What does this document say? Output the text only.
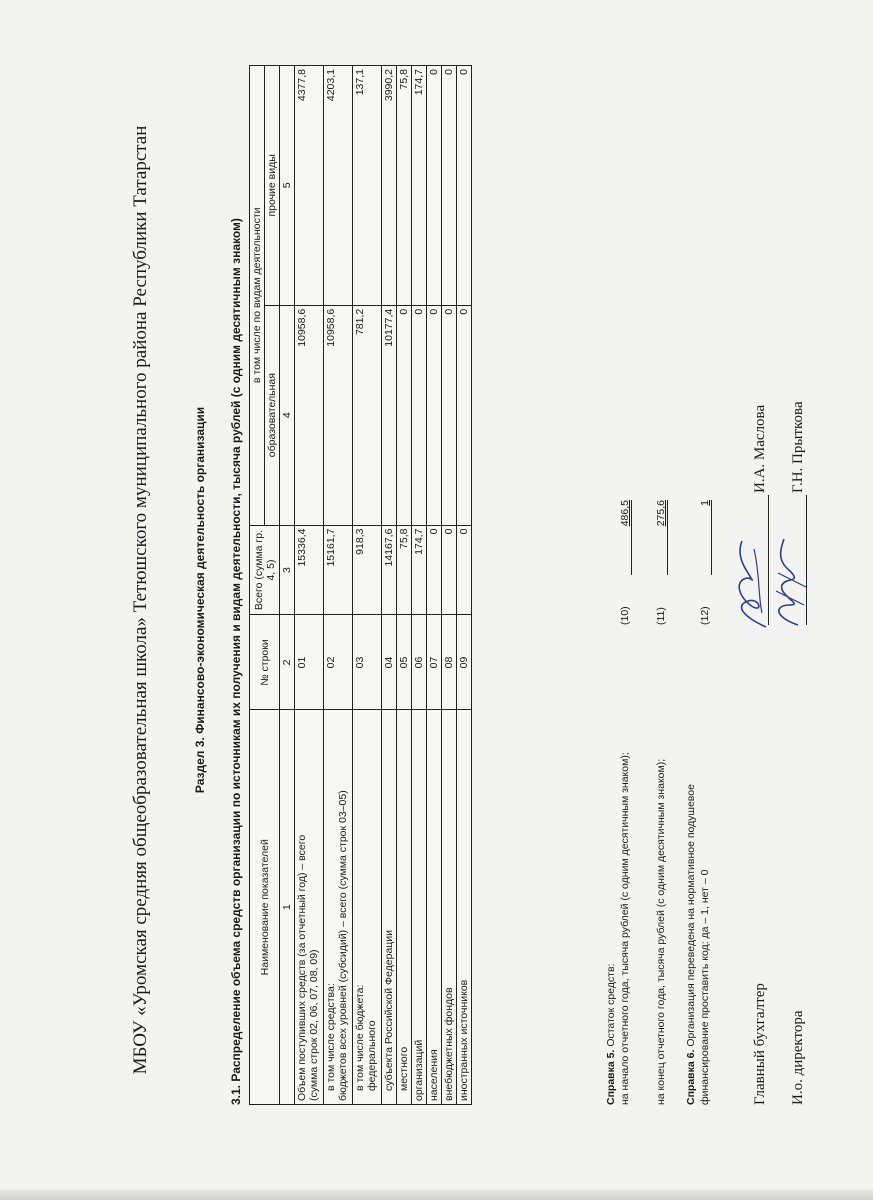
МБОУ «Уромская средняя общеобразовательная школа» Тетюшского муниципального района Республики Татарстан	Раздел 3. Финансово-экономическая деятельность организации 3.1. Распределение объема средств организации по источникам их получения и видам деятельности, тысяча рублей (с одним десятичным знаком) Наименование показателей	№ строки	Всего (сумма гр. 4, 5)	в том числе по видам деятельности	
			образовательная	прочие виды
1	2	3	4	5
Объем поступивших средств (за отчетный год) – всего
(сумма строк 02, 06, 07, 08, 09)	01	15336,4	10958,6	4377,8
в том числе средства:
бюджетов всех уровней (субсидий) – всего (сумма строк 03–05)	02	15161,7	10958,6	4203,1
в том числе бюджета:
федерального	03	918,3	781,2	137,1
субъекта Российской Федерации	04	14167,6	10177,4	3990,2
местного	05	75,8	0	75,8
организаций	06	174,7	0	174,7
населения	07	0	0	0
внебюджетных фондов	08	0	0	0
иностранных источников	09	0	0	0
Справка 5. Остаток средств: на начало отчетного года, тысяча рублей (с одним десятичным знаком);
(10)
486,5
на конец отчетного года, тысяча рублей (с одним десятичным знаком);
(11)
275,6
Справка 6. Организация переведена на нормативное подушевое финансирование проставить код: да – 1, нет – 0
(12)
1
Главный бухгалтер
И.А. Маслова
И.о. директора
Г.Н. Прыткова
